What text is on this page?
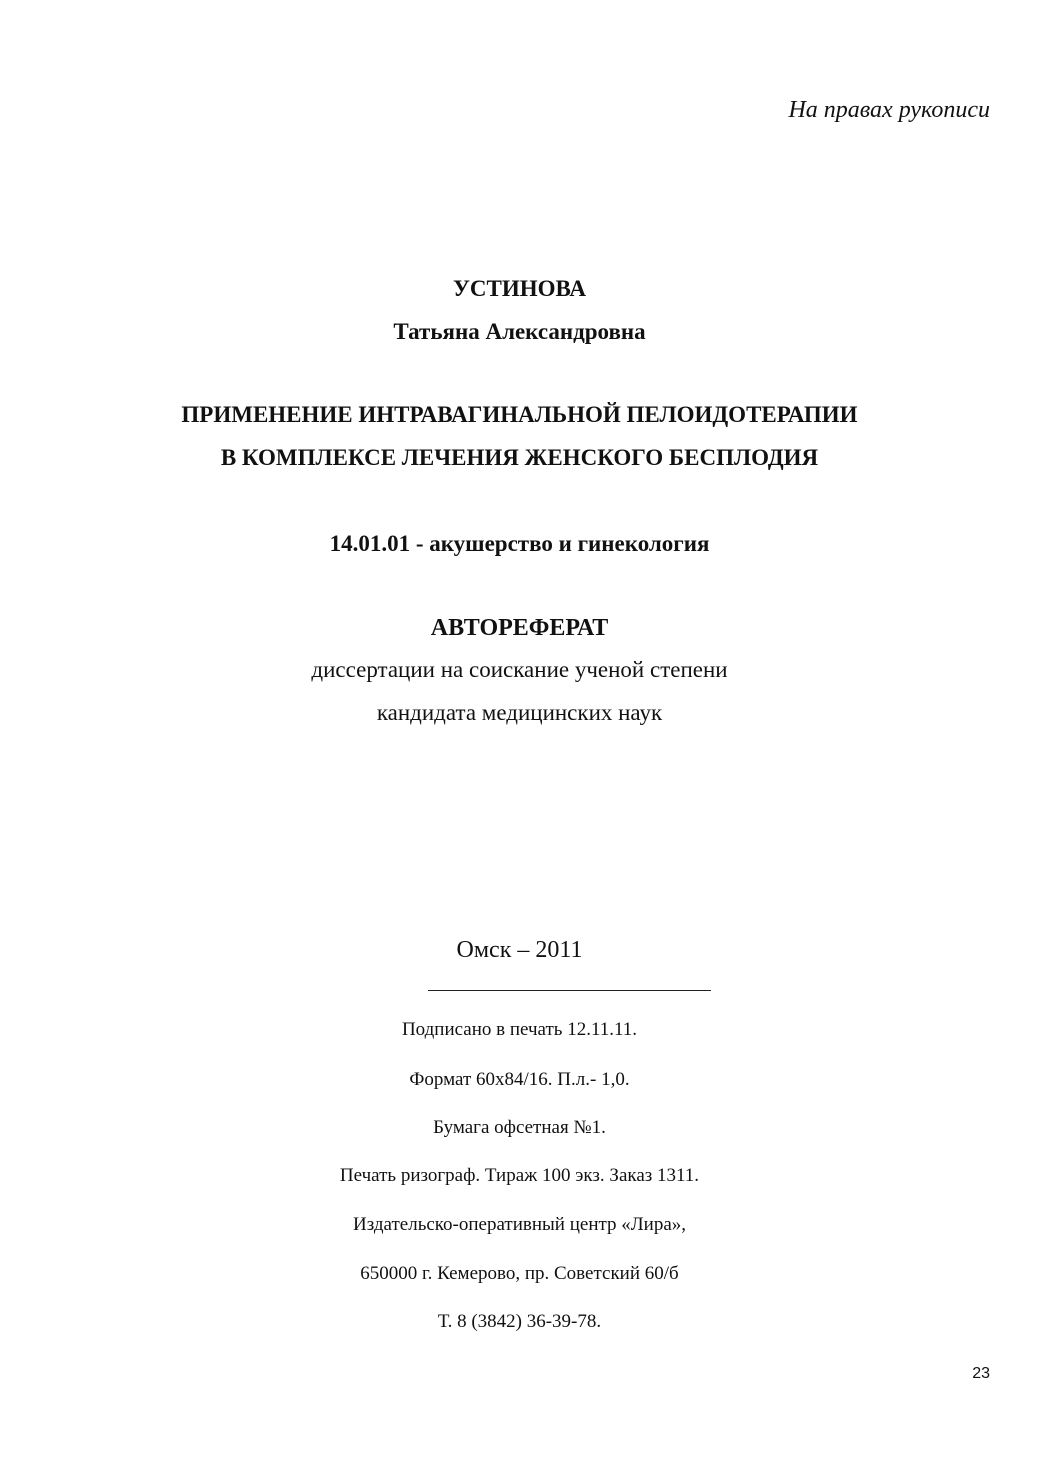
На правах рукописи
УСТИНОВА
Татьяна Александровна
ПРИМЕНЕНИЕ ИНТРАВАГИНАЛЬНОЙ ПЕЛОИДОТЕРАПИИ
В КОМПЛЕКСЕ ЛЕЧЕНИЯ ЖЕНСКОГО БЕСПЛОДИЯ
14.01.01 - акушерство и гинекология
АВТОРЕФЕРАТ
диссертации на соискание ученой степени
кандидата медицинских наук
Омск – 2011
Подписано в печать 12.11.11.
Формат 60х84/16. П.л.- 1,0.
Бумага офсетная №1.
Печать ризограф. Тираж 100 экз. Заказ 1311.
Издательско-оперативный центр «Лира»,
650000 г. Кемерово, пр. Советский 60/б
Т. 8 (3842) 36-39-78.
23
